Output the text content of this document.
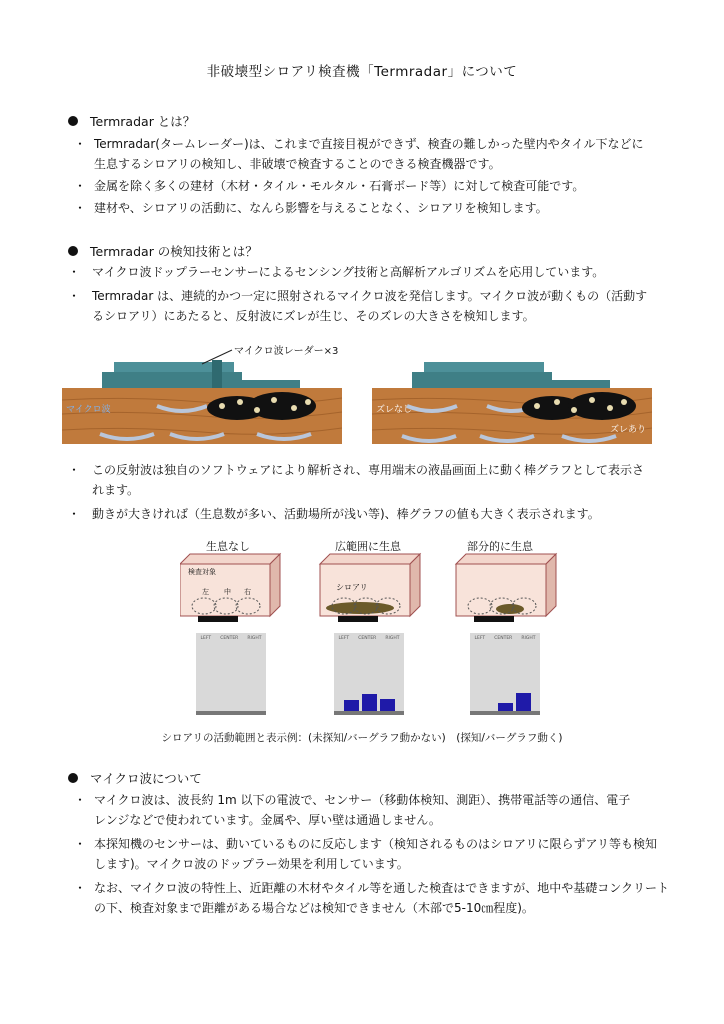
非破壊型シロアリ検査機「Termradar」について
Termradar とは？
・ Termradar(タームレーダー)は、これまで直接目視ができず、検査の難しかった壁内やタイル下などに生息するシロアリの検知し、非破壊で検査することのできる検査機器です。
・ 金属を除く多くの建材（木材・タイル・モルタル・石膏ボード等）に対して検査可能です。
・ 建材や、シロアリの活動に、なんら影響を与えることなく、シロアリを検知します。
Termradar の検知技術とは？
・ マイクロ波ドップラーセンサーによるセンシング技術と高解析アルゴリズムを応用しています。
・ Termradar は、連続的かつ一定に照射されるマイクロ波を発信します。マイクロ波が動くもの（活動するシロアリ）にあたると、反射波にズレが生じ、そのズレの大きさを検知します。
マイクロ波レーダー×3
マイクロ波	ズレなし
ズレあり
・ この反射波は独自のソフトウェアにより解析され、専用端末の液晶画面上に動く棒グラフとして表示されます。
・ 動きが大きければ（生息数が多い、活動場所が浅い等)、棒グラフの値も大きく表示されます。
生息なし	広範囲に生息	部分的に生息
検査対象
左 中 右	シロアリ
LEFT CENTER RIGHT	LEFT CENTER RIGHT	LEFT CENTER RIGHT
シロアリの活動範囲と表示例：(未探知/バーグラフ動かない)　(探知/バーグラフ動く)
マイクロ波について
・ マイクロ波は、波長約 1m 以下の電波で、センサー（移動体検知、測距）、携帯電話等の通信、電子レンジなどで使われています。金属や、厚い壁は通過しません。
・ 本探知機のセンサーは、動いているものに反応します（検知されるものはシロアリに限らずアリ等も検知します)。マイクロ波のドップラー効果を利用しています。
・ なお、マイクロ波の特性上、近距離の木材やタイル等を通した検査はできますが、地中や基礎コンクリートの下、検査対象まで距離がある場合などは検知できません（木部で5-10㎝程度)。
